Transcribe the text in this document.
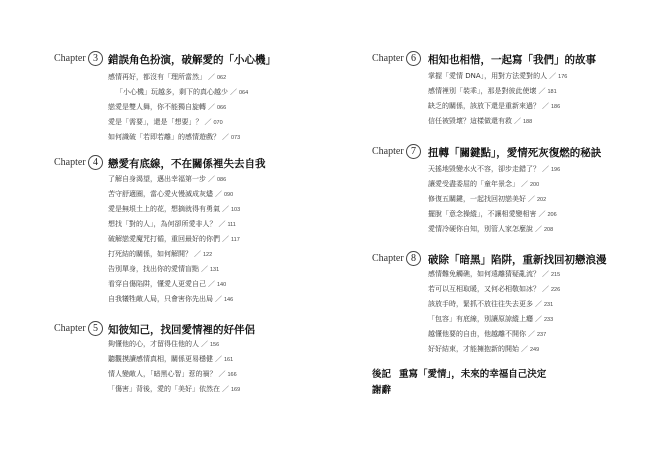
Chapter 3 錯誤角色扮演，破解愛的「小心機」
感情再好，都沒有「理所當然」 ／ 062
「小心機」玩越多，剩下的真心越少 ／ 064
戀愛是雙人舞，你不能獨自旋轉 ／ 066
愛是「需要」，還是「想要」？ ／ 070
如何識破「若即若離」的感情遊戲？ ／ 073
Chapter 4 戀愛有底線，不在關係裡失去自我
了解自身渴望，邁出幸福第一步 ／ 086
苦守舒適圈，當心愛火慢滅成灰燼 ／ 090
愛是無垠土上的花，想摘就得有勇氣 ／ 103
想找「對的人」，為何卻所愛非人？ ／ 111
破解戀愛魔咒打循，重回最好的你們 ／ 117
打死結的關係，如何解開？ ／ 122
告別單身，找出你的愛情盲點 ／ 131
看穿自傷陷阱，懂愛人更愛自己 ／ 140
自我犧牲敵人局，只會害你先出局 ／ 146
Chapter 5 知彼知己，找回愛情裡的好伴侶
夠懂他的心，才留得住他的人 ／ 156
聽觀摸讀感情真相，關係更易穩健 ／ 161
情人變敵人，「暗黑心智」惹的禍？ ／ 166
「傷害」背後，愛的「美好」依然在 ／ 169
Chapter 6	相知也相惜，一起寫「我們」的故事
掌握「愛情 DNA」，用對方法愛對的人 ／ 176
感情裡別「裝乖」，那是對彼此使壞 ／ 181
缺乏的關係，該放下還是重新來過？ ／ 186
信任被毀壞？這樣做還有救 ／ 188
Chapter 7	扭轉「關鍵點」，愛情死灰復燃的秘訣
天搖地毀變水火不容，卻步走錯了？ ／ 196
讓愛受盡委屈的「童年景念」 ／ 200
修復五關鍵，一起找回初戀美好 ／ 202
擺脫「意念操縱」，不讓相愛變相害 ／ 206
愛情冷硬你自知，別管人家怎麼說 ／ 208
Chapter 8	破除「暗黑」陷阱，重新找回初戀浪漫
感情難免觸礁，如何遠離猜疑亂流？ ／ 215
若可以互相取暖，又何必相敬如冰？ ／ 226
該放手時，緊抓不放往往失去更多 ／ 231
「包容」有底線，別讓原諒縱上癮 ／ 233
越懂他要的自由，他越離不開你 ／ 237
好好結束，才能擁抱新的開始 ／ 249
後記 重寫「愛情」，未來的幸福自己決定
謝辭
